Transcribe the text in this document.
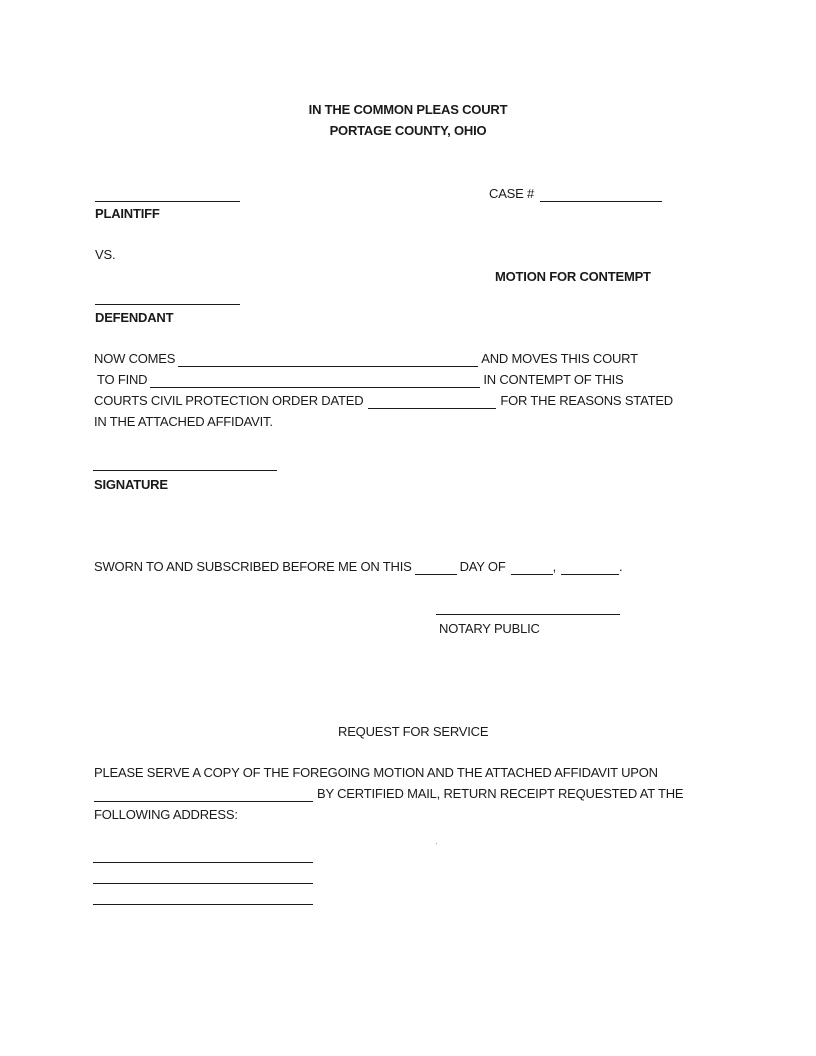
IN THE COMMON PLEAS COURT
PORTAGE COUNTY, OHIO
PLAINTIFF
CASE #
VS.
MOTION FOR CONTEMPT
DEFENDANT
NOW COMES	AND MOVES THIS COURT
TO FIND	IN CONTEMPT OF THIS
COURTS CIVIL PROTECTION ORDER DATED	FOR THE REASONS STATED
IN THE ATTACHED AFFIDAVIT.
SIGNATURE
SWORN TO AND SUBSCRIBED BEFORE ME ON THIS	DAY OF	,	.
NOTARY PUBLIC
REQUEST FOR SERVICE
PLEASE SERVE A COPY OF THE FOREGOING MOTION AND THE ATTACHED AFFIDAVIT UPON
BY CERTIFIED MAIL, RETURN RECEIPT REQUESTED AT THE
FOLLOWING ADDRESS:
